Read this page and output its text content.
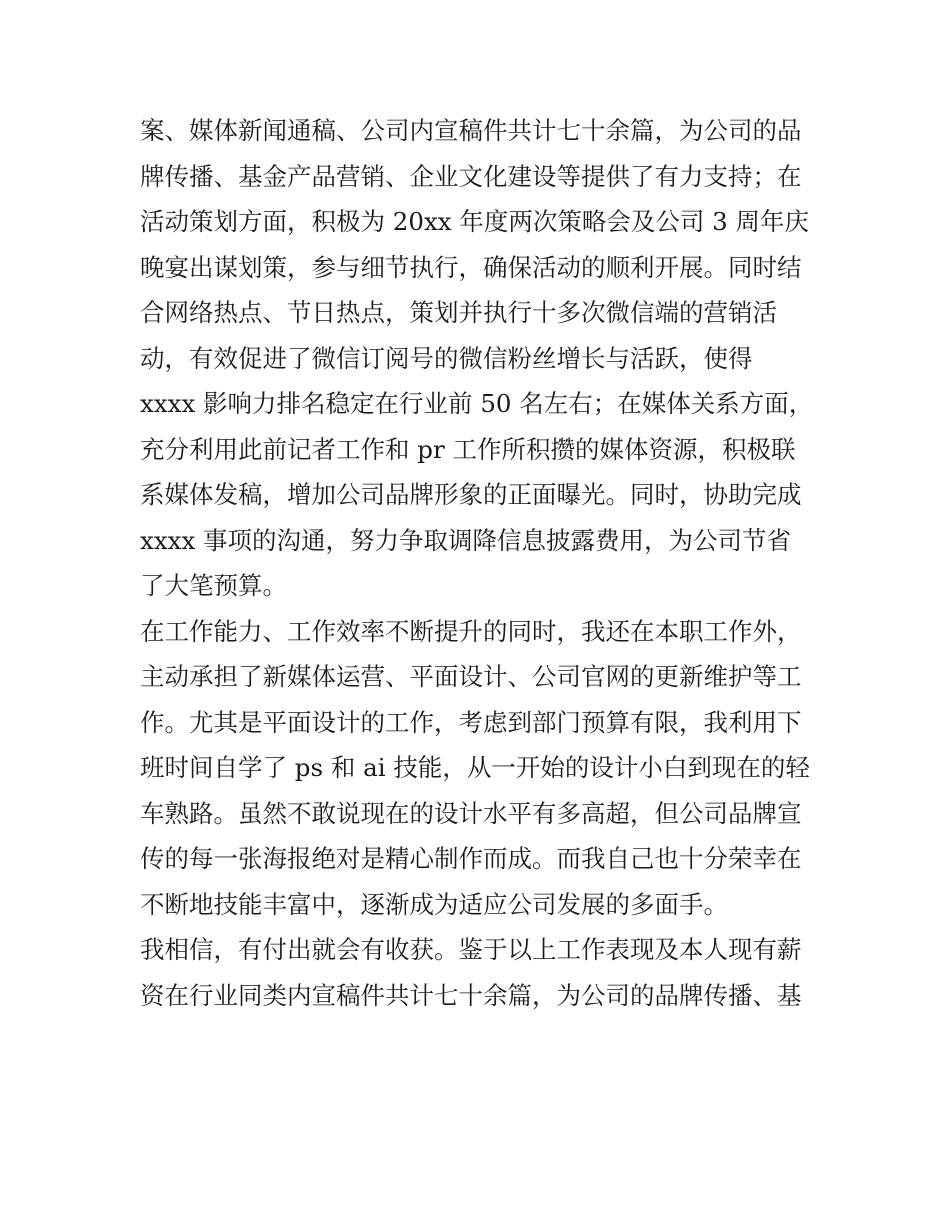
案、媒体新闻通稿、公司内宣稿件共计七十余篇，为公司的品
牌传播、基金产品营销、企业文化建设等提供了有力支持；在
活动策划方面，积极为 20xx 年度两次策略会及公司 3 周年庆
晚宴出谋划策，参与细节执行，确保活动的顺利开展。同时结
合网络热点、节日热点，策划并执行十多次微信端的营销活
动，有效促进了微信订阅号的微信粉丝增长与活跃，使得
xxxx 影响力排名稳定在行业前 50 名左右；在媒体关系方面，
充分利用此前记者工作和 pr 工作所积攒的媒体资源，积极联
系媒体发稿，增加公司品牌形象的正面曝光。同时，协助完成
xxxx 事项的沟通，努力争取调降信息披露费用，为公司节省
了大笔预算。
在工作能力、工作效率不断提升的同时，我还在本职工作外，
主动承担了新媒体运营、平面设计、公司官网的更新维护等工
作。尤其是平面设计的工作，考虑到部门预算有限，我利用下
班时间自学了 ps 和 ai 技能，从一开始的设计小白到现在的轻
车熟路。虽然不敢说现在的设计水平有多高超，但公司品牌宣
传的每一张海报绝对是精心制作而成。而我自己也十分荣幸在
不断地技能丰富中，逐渐成为适应公司发展的多面手。
我相信，有付出就会有收获。鉴于以上工作表现及本人现有薪
资在行业同类内宣稿件共计七十余篇，为公司的品牌传播、基
